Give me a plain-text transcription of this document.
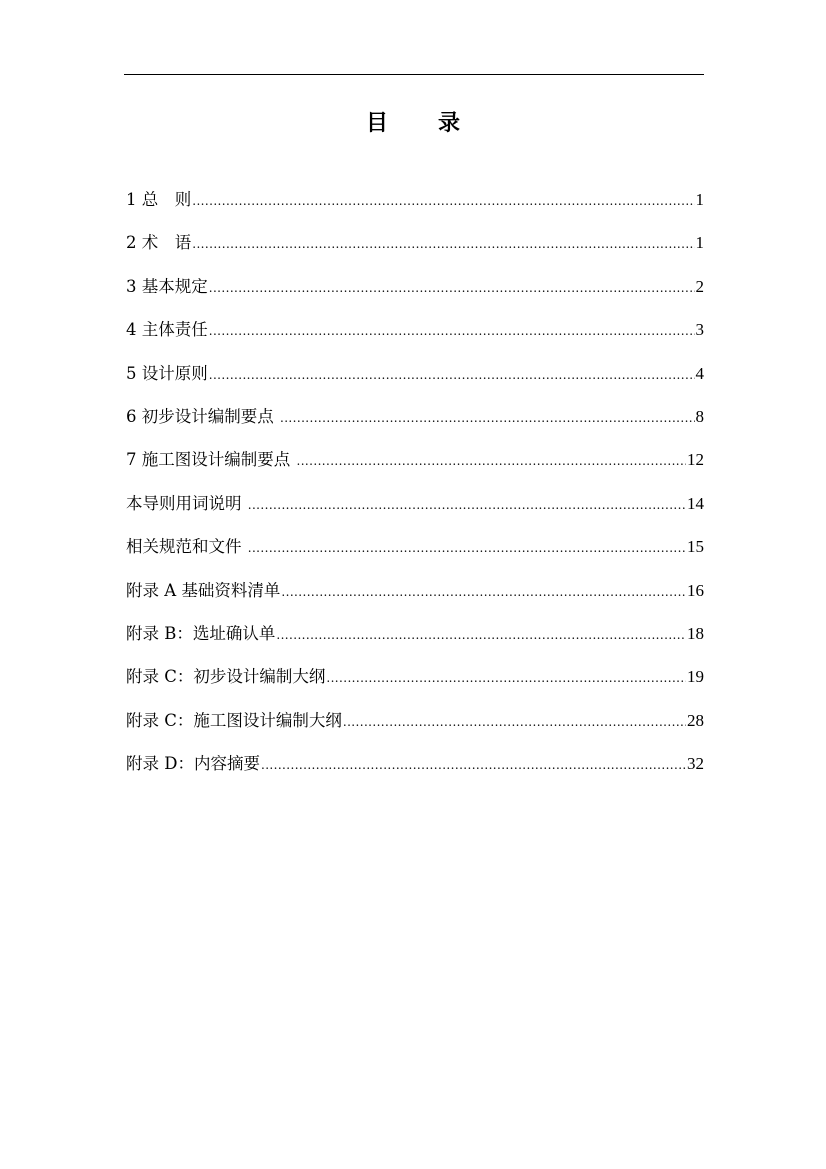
目　录
1 总　则 .....	1
2 术　语 .....	1
3 基本规定 .....	2
4 主体责任 .....	3
5 设计原则 .....	4
6 初步设计编制要点 .....	8
7 施工图设计编制要点 .....	12
本导则用词说明 .....	14
相关规范和文件 .....	15
附录 A 基础资料清单 .....	16
附录 B：选址确认单 .....	18
附录 C：初步设计编制大纲 .....	19
附录 C：施工图设计编制大纲 .....	28
附录 D：内容摘要 .....	32
